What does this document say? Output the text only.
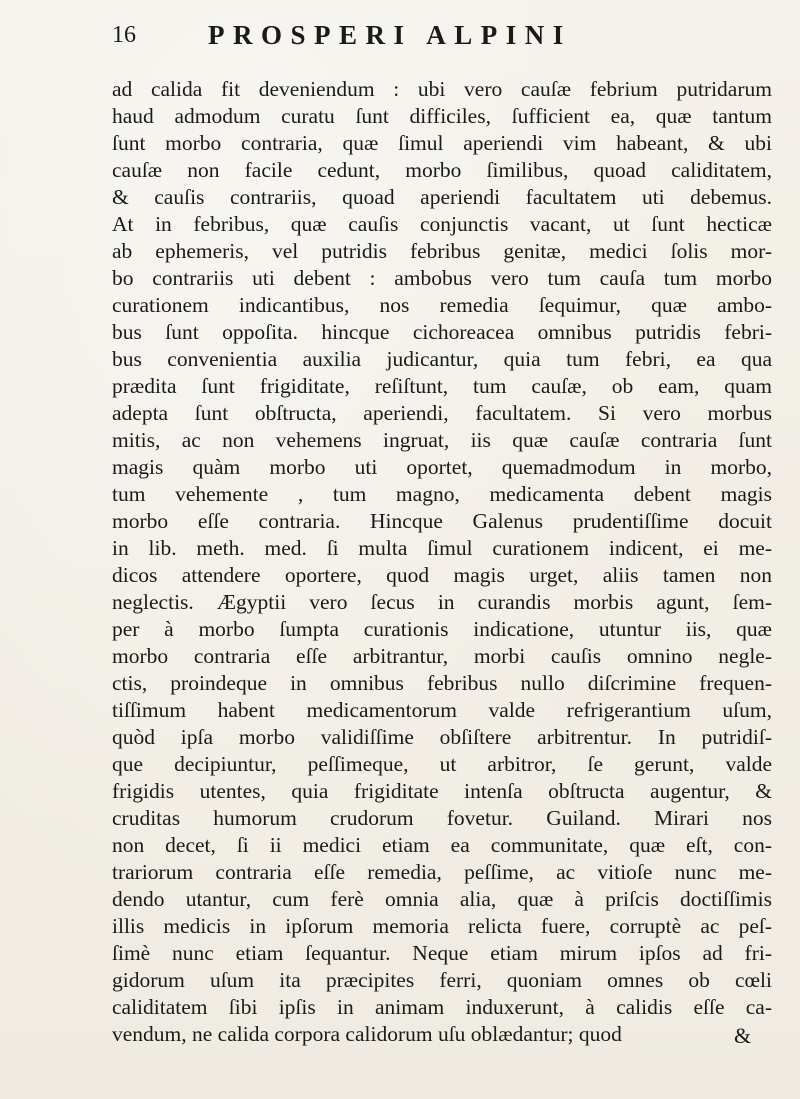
16	PROSPERI ALPINI
ad calida fit deveniendum : ubi vero cauſæ febrium putridarum
haud admodum curatu ſunt difficiles, ſufficient ea, quæ tantum
ſunt morbo contraria, quæ ſimul aperiendi vim habeant, & ubi
cauſæ non facile cedunt, morbo ſimilibus, quoad caliditatem,
& cauſis contrariis, quoad aperiendi facultatem uti debemus.
At in febribus, quæ cauſis conjunctis vacant, ut ſunt hecticæ
ab ephemeris, vel putridis febribus genitæ, medici ſolis mor-
bo contrariis uti debent : ambobus vero tum cauſa tum morbo
curationem indicantibus, nos remedia ſequimur, quæ ambo-
bus ſunt oppoſita. hincque cichoreacea omnibus putridis febri-
bus convenientia auxilia judicantur, quia tum febri, ea qua
prædita ſunt frigiditate, reſiſtunt, tum cauſæ, ob eam, quam
adepta ſunt obſtructa, aperiendi, facultatem. Si vero morbus
mitis, ac non vehemens ingruat, iis quæ cauſæ contraria ſunt
magis quàm morbo uti oportet, quemadmodum in morbo,
tum vehemente , tum magno, medicamenta debent magis
morbo eſſe contraria. Hincque Galenus prudentiſſime docuit
in lib. meth. med. ſi multa ſimul curationem indicent, ei me-
dicos attendere oportere, quod magis urget, aliis tamen non
neglectis. Ægyptii vero ſecus in curandis morbis agunt, ſem-
per à morbo ſumpta curationis indicatione, utuntur iis, quæ
morbo contraria eſſe arbitrantur, morbi cauſis omnino negle-
ctis, proindeque in omnibus febribus nullo diſcrimine frequen-
tiſſimum habent medicamentorum valde refrigerantium uſum,
quòd ipſa morbo validiſſime obſiſtere arbitrentur. In putridiſ-
que decipiuntur, peſſimeque, ut arbitror, ſe gerunt, valde
frigidis utentes, quia frigiditate intenſa obſtructa augentur, &
cruditas humorum crudorum fovetur. Guiland. Mirari nos
non decet, ſi ii medici etiam ea communitate, quæ eſt, con-
trariorum contraria eſſe remedia, peſſime, ac vitioſe nunc me-
dendo utantur, cum ferè omnia alia, quæ à priſcis doctiſſimis
illis medicis in ipſorum memoria relicta fuere, corruptè ac peſ-
ſimè nunc etiam ſequantur. Neque etiam mirum ipſos ad fri-
gidorum uſum ita præcipites ferri, quoniam omnes ob cœli
caliditatem ſibi ipſis in animam induxerunt, à calidis eſſe ca-
vendum, ne calida corpora calidorum uſu oblædantur; quod	&
